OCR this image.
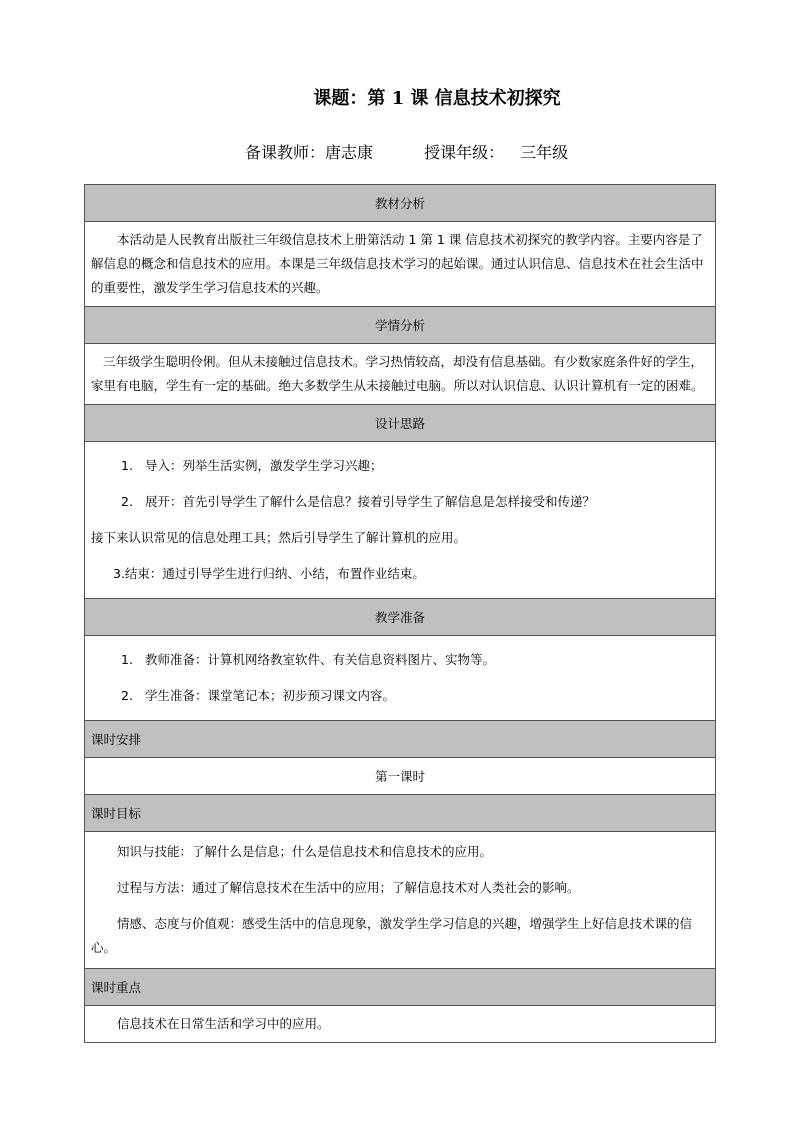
课题：第 1 课 信息技术初探究
备课教师：唐志康	授课年级： 三年级
教材分析

本活动是人民教育出版社三年级信息技术上册第活动 1 第 1 课 信息技术初探究的教学内容。主要内容是了解信息的概念和信息技术的应用。本课是三年级信息技术学习的起始课。通过认识信息、信息技术在社会生活中的重要性，激发学生学习信息技术的兴趣。

学情分析

三年级学生聪明伶俐。但从未接触过信息技术。学习热情较高，却没有信息基础。有少数家庭条件好的学生，家里有电脑，学生有一定的基础。绝大多数学生从未接触过电脑。所以对认识信息、认识计算机有一定的困难。

设计思路

1. 导入：列举生活实例，激发学生学习兴趣；

2. 展开：首先引导学生了解什么是信息？接着引导学生了解信息是怎样接受和传递？

接下来认识常见的信息处理工具；然后引导学生了解计算机的应用。

3.结束：通过引导学生进行归纳、小结，布置作业结束。

教学准备

1. 教师准备：计算机网络教室软件、有关信息资料图片、实物等。

2. 学生准备：课堂笔记本；初步预习课文内容。

课时安排
第一课时
课时目标

知识与技能：了解什么是信息；什么是信息技术和信息技术的应用。

过程与方法：通过了解信息技术在生活中的应用；了解信息技术对人类社会的影响。

情感、态度与价值观：感受生活中的信息现象，激发学生学习信息的兴趣，增强学生上好信息技术课的信心。

课时重点

信息技术在日常生活和学习中的应用。
